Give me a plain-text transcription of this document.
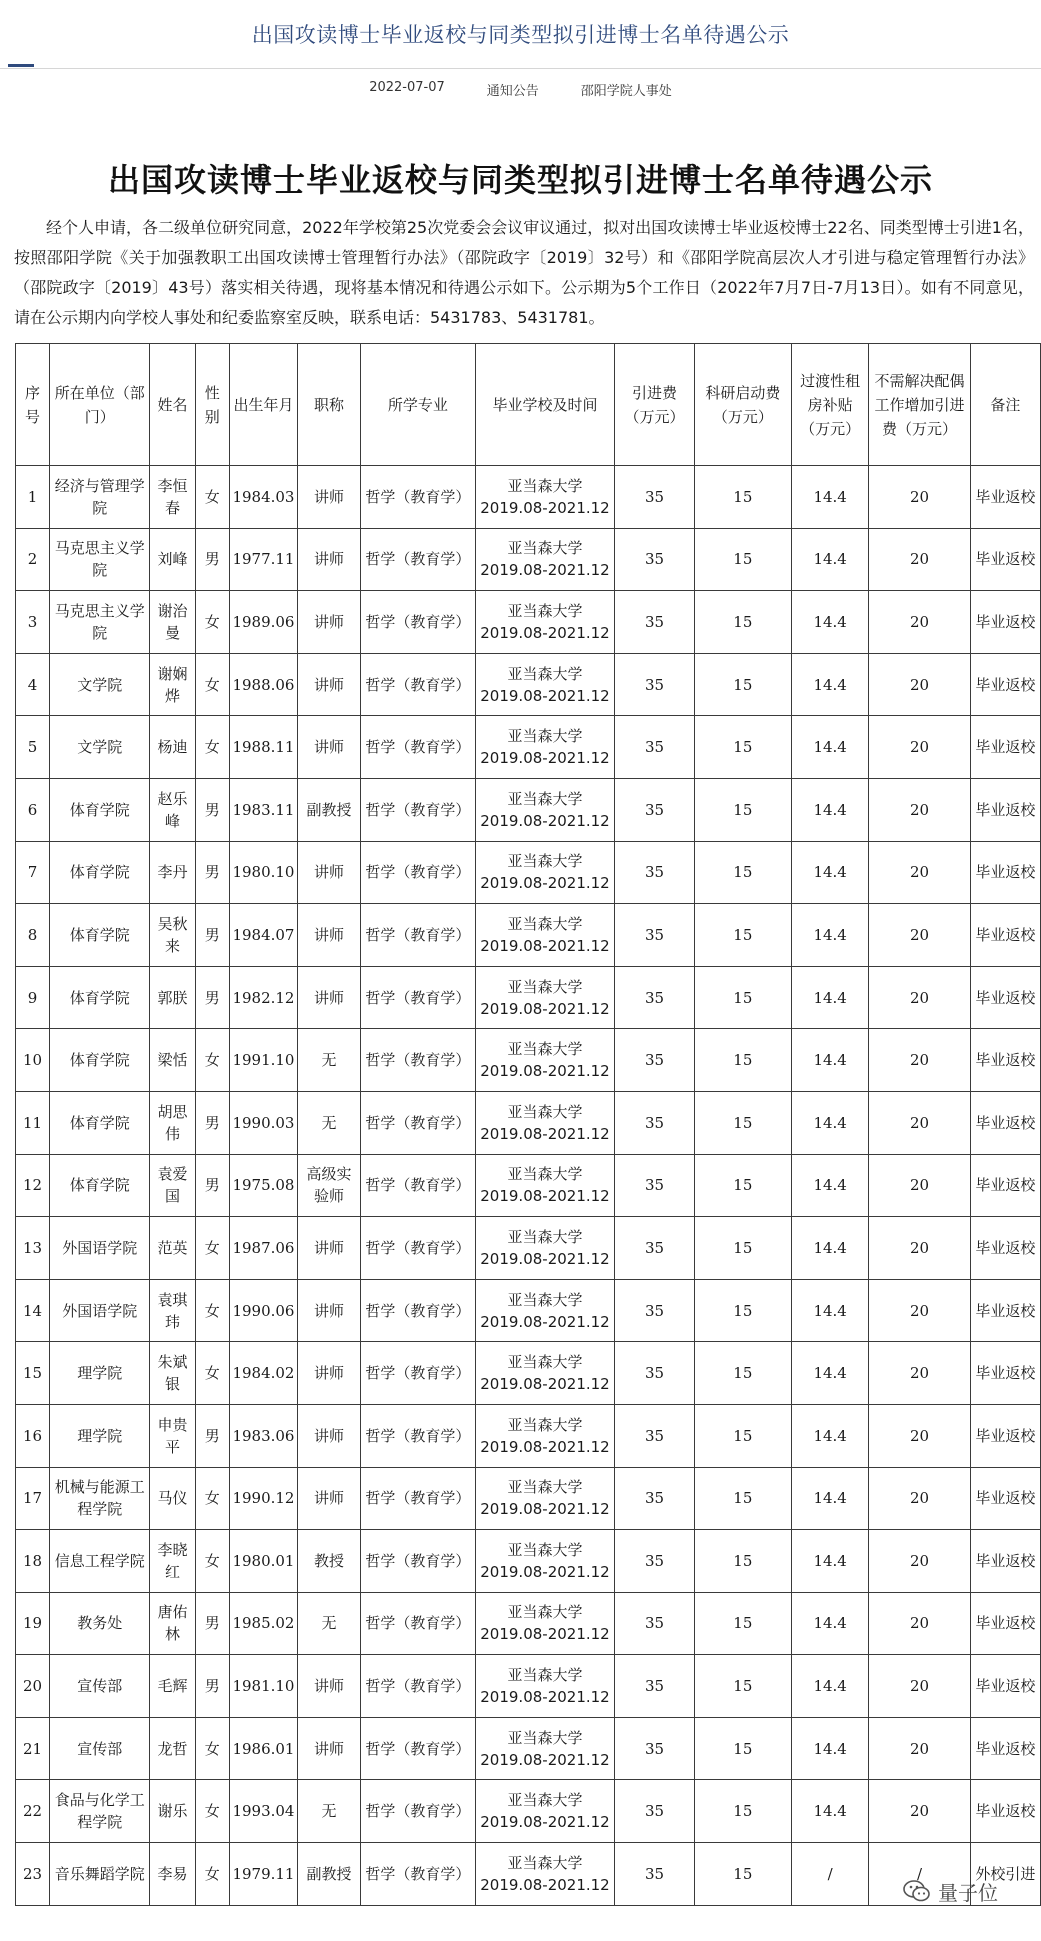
出国攻读博士毕业返校与同类型拟引进博士名单待遇公示
2022-07-07	通知公告	邵阳学院人事处
出国攻读博士毕业返校与同类型拟引进博士名单待遇公示

经个人申请，各二级单位研究同意，2022年学校第25次党委会会议审议通过，拟对出国攻读博士毕业返校博士22名、同类型博士引进1名，按照邵阳学院《关于加强教职工出国攻读博士管理暂行办法》（邵院政字〔2019〕32号）和《邵阳学院高层次人才引进与稳定管理暂行办法》（邵院政字〔2019〕43号）落实相关待遇，现将基本情况和待遇公示如下。公示期为5个工作日（2022年7月7日-7月13日）。如有不同意见，请在公示期内向学校人事处和纪委监察室反映，联系电话：5431783、5431781。

序号	所在单位（部门）	姓名	性别	出生年月	职称	所学专业	毕业学校及时间	引进费（万元）	科研启动费（万元）	过渡性租房补贴（万元）	不需解决配偶工作增加引进费（万元）	备注
1	经济与管理学院	李恒春	女	1984.03	讲师	哲学（教育学）	亚当森大学 2019.08-2021.12	35	15	14.4	20	毕业返校
2	马克思主义学院	刘峰	男	1977.11	讲师	哲学（教育学）	亚当森大学 2019.08-2021.12	35	15	14.4	20	毕业返校
3	马克思主义学院	谢治曼	女	1989.06	讲师	哲学（教育学）	亚当森大学 2019.08-2021.12	35	15	14.4	20	毕业返校
4	文学院	谢娴烨	女	1988.06	讲师	哲学（教育学）	亚当森大学 2019.08-2021.12	35	15	14.4	20	毕业返校
5	文学院	杨迪	女	1988.11	讲师	哲学（教育学）	亚当森大学 2019.08-2021.12	35	15	14.4	20	毕业返校
6	体育学院	赵乐峰	男	1983.11	副教授	哲学（教育学）	亚当森大学 2019.08-2021.12	35	15	14.4	20	毕业返校
7	体育学院	李丹	男	1980.10	讲师	哲学（教育学）	亚当森大学 2019.08-2021.12	35	15	14.4	20	毕业返校
8	体育学院	吴秋来	男	1984.07	讲师	哲学（教育学）	亚当森大学 2019.08-2021.12	35	15	14.4	20	毕业返校
9	体育学院	郭朕	男	1982.12	讲师	哲学（教育学）	亚当森大学 2019.08-2021.12	35	15	14.4	20	毕业返校
10	体育学院	梁恬	女	1991.10	无	哲学（教育学）	亚当森大学 2019.08-2021.12	35	15	14.4	20	毕业返校
11	体育学院	胡思伟	男	1990.03	无	哲学（教育学）	亚当森大学 2019.08-2021.12	35	15	14.4	20	毕业返校
12	体育学院	袁爱国	男	1975.08	高级实验师	哲学（教育学）	亚当森大学 2019.08-2021.12	35	15	14.4	20	毕业返校
13	外国语学院	范英	女	1987.06	讲师	哲学（教育学）	亚当森大学 2019.08-2021.12	35	15	14.4	20	毕业返校
14	外国语学院	袁琪玮	女	1990.06	讲师	哲学（教育学）	亚当森大学 2019.08-2021.12	35	15	14.4	20	毕业返校
15	理学院	朱斌银	女	1984.02	讲师	哲学（教育学）	亚当森大学 2019.08-2021.12	35	15	14.4	20	毕业返校
16	理学院	申贵平	男	1983.06	讲师	哲学（教育学）	亚当森大学 2019.08-2021.12	35	15	14.4	20	毕业返校
17	机械与能源工程学院	马仪	女	1990.12	讲师	哲学（教育学）	亚当森大学 2019.08-2021.12	35	15	14.4	20	毕业返校
18	信息工程学院	李晓红	女	1980.01	教授	哲学（教育学）	亚当森大学 2019.08-2021.12	35	15	14.4	20	毕业返校
19	教务处	唐佑林	男	1985.02	无	哲学（教育学）	亚当森大学 2019.08-2021.12	35	15	14.4	20	毕业返校
20	宣传部	毛辉	男	1981.10	讲师	哲学（教育学）	亚当森大学 2019.08-2021.12	35	15	14.4	20	毕业返校
21	宣传部	龙哲	女	1986.01	讲师	哲学（教育学）	亚当森大学 2019.08-2021.12	35	15	14.4	20	毕业返校
22	食品与化学工程学院	谢乐	女	1993.04	无	哲学（教育学）	亚当森大学 2019.08-2021.12	35	15	14.4	20	毕业返校
23	音乐舞蹈学院	李易	女	1979.11	副教授	哲学（教育学）	亚当森大学 2019.08-2021.12	35	15	/	/	外校引进
量子位
